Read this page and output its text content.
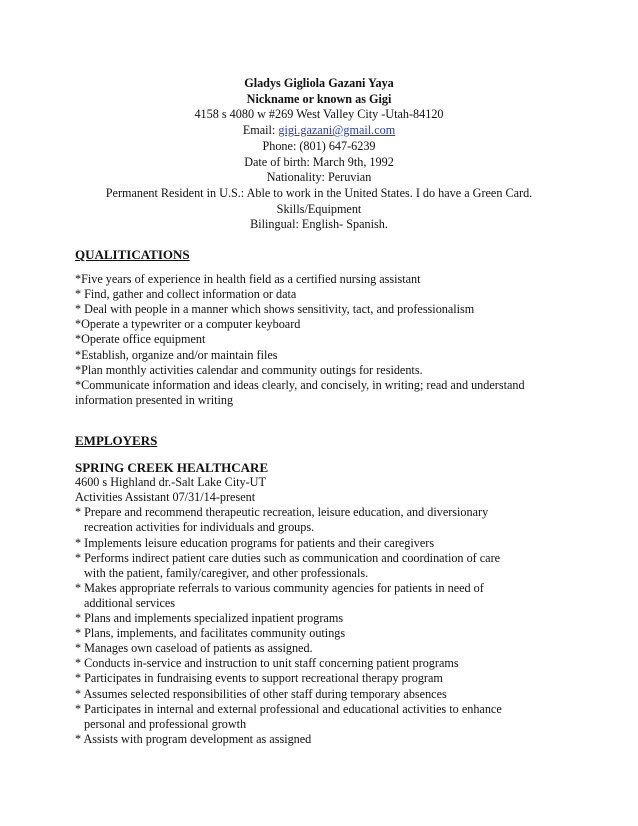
Gladys Gigliola Gazani Yaya
Nickname or known as Gigi
4158 s 4080 w #269 West Valley City -Utah-84120
Email: gigi.gazani@gmail.com
Phone: (801) 647-6239
Date of birth: March 9th, 1992
Nationality: Peruvian
Permanent Resident in U.S.: Able to work in the United States. I do have a Green Card.
Skills/Equipment
Bilingual: English- Spanish.
QUALITICATIONS
*Five years of experience in health field as a certified nursing assistant
* Find, gather and collect information or data
* Deal with people in a manner which shows sensitivity, tact, and professionalism
*Operate a typewriter or a computer keyboard
*Operate office equipment
*Establish, organize and/or maintain files
*Plan monthly activities calendar and community outings for residents.
*Communicate information and ideas clearly, and concisely, in writing; read and understand
information presented in writing
EMPLOYERS
SPRING CREEK HEALTHCARE
4600 s Highland dr.-Salt Lake City-UT
Activities Assistant 07/31/14-present
* Prepare and recommend therapeutic recreation, leisure education, and diversionary
recreation activities for individuals and groups.
* Implements leisure education programs for patients and their caregivers
* Performs indirect patient care duties such as communication and coordination of care
with the patient, family/caregiver, and other professionals.
* Makes appropriate referrals to various community agencies for patients in need of
additional services
* Plans and implements specialized inpatient programs
* Plans, implements, and facilitates community outings
* Manages own caseload of patients as assigned.
* Conducts in-service and instruction to unit staff concerning patient programs
* Participates in fundraising events to support recreational therapy program
* Assumes selected responsibilities of other staff during temporary absences
* Participates in internal and external professional and educational activities to enhance
personal and professional growth
* Assists with program development as assigned
